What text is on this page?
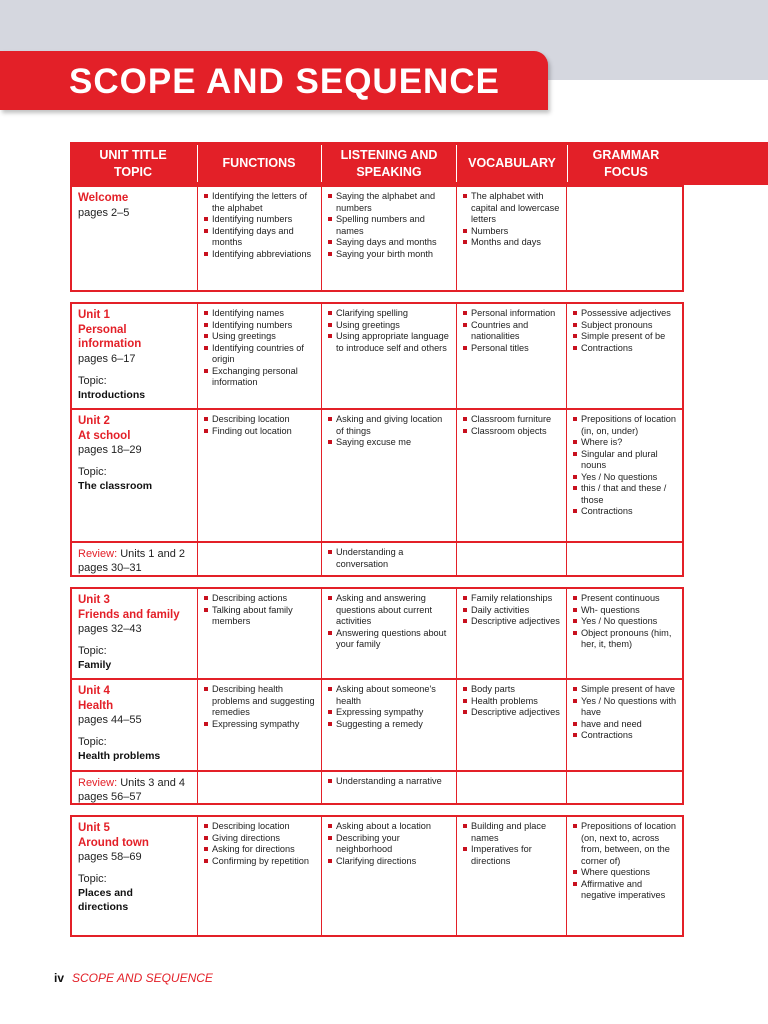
SCOPE AND SEQUENCE
UNIT TITLE
TOPIC
FUNCTIONS
LISTENING AND
SPEAKING
VOCABULARY
GRAMMAR
FOCUS
Welcome
pages 2–5
Identifying the letters of the alphabet
Identifying numbers
Identifying days and months
Identifying abbreviations
Saying the alphabet and numbers
Spelling numbers and names
Saying days and months
Saying your birth month
The alphabet with capital and lowercase letters
Numbers
Months and days
Unit 1
Personal
information
pages 6–17
Topic:
Introductions
Identifying names
Identifying numbers
Using greetings
Identifying countries of origin
Exchanging personal information
Clarifying spelling
Using greetings
Using appropriate language to introduce self and others
Personal information
Countries and nationalities
Personal titles
Possessive adjectives
Subject pronouns
Simple present of be
Contractions
Unit 2
At school
pages 18–29
Topic:
The classroom
Describing location
Finding out location
Asking and giving location of things
Saying excuse me
Classroom furniture
Classroom objects
Prepositions of location (in, on, under)
Where is?
Singular and plural nouns
Yes / No questions
this / that and these / those
Contractions
Review: Units 1 and 2
pages 30–31
Understanding a conversation
Unit 3
Friends and family
pages 32–43
Topic:
Family
Describing actions
Talking about family members
Asking and answering questions about current activities
Answering questions about your family
Family relationships
Daily activities
Descriptive adjectives
Present continuous
Wh- questions
Yes / No questions
Object pronouns (him, her, it, them)
Unit 4
Health
pages 44–55
Topic:
Health problems
Describing health problems and suggesting remedies
Expressing sympathy
Asking about someone's health
Expressing sympathy
Suggesting a remedy
Body parts
Health problems
Descriptive adjectives
Simple present of have
Yes / No questions with have
have and need
Contractions
Review: Units 3 and 4
pages 56–57
Understanding a narrative
Unit 5
Around town
pages 58–69
Topic:
Places and
directions
Describing location
Giving directions
Asking for directions
Confirming by repetition
Asking about a location
Describing your neighborhood
Clarifying directions
Building and place names
Imperatives for directions
Prepositions of location (on, next to, across from, between, on the corner of)
Where questions
Affirmative and negative imperatives
iv SCOPE AND SEQUENCE
